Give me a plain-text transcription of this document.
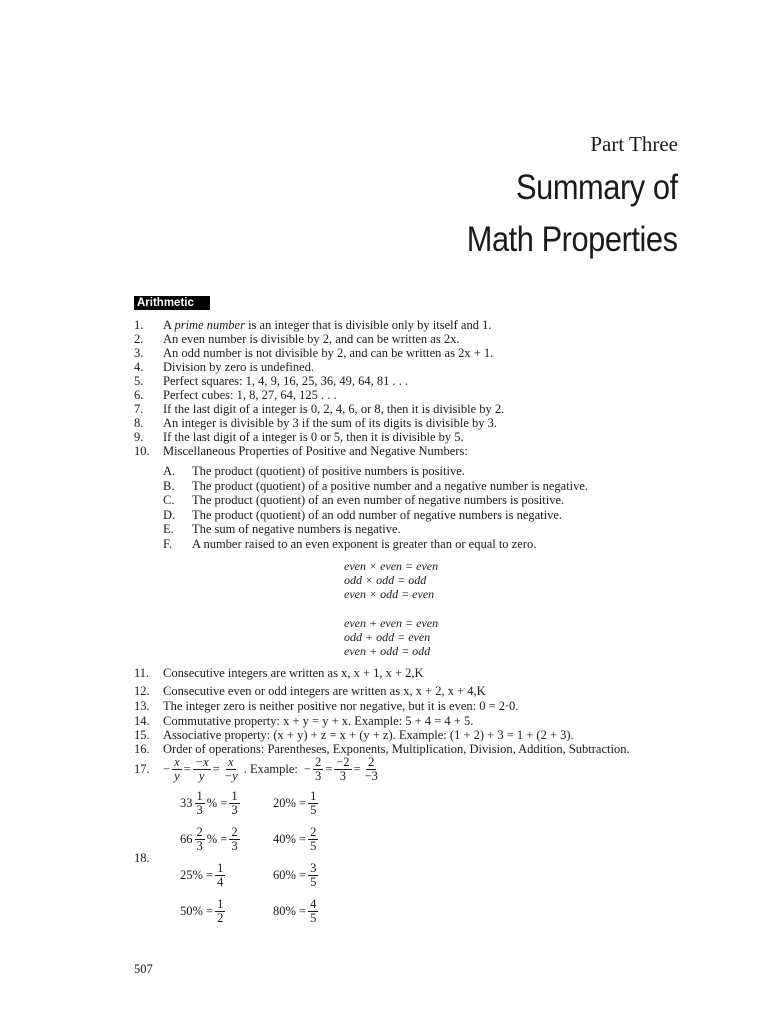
Part Three
Summary of
Math Properties
Arithmetic
1. A prime number is an integer that is divisible only by itself and 1.
2. An even number is divisible by 2, and can be written as 2x.
3. An odd number is not divisible by 2, and can be written as 2x + 1.
4. Division by zero is undefined.
5. Perfect squares: 1, 4, 9, 16, 25, 36, 49, 64, 81 . . .
6. Perfect cubes: 1, 8, 27, 64, 125 . . .
7. If the last digit of a integer is 0, 2, 4, 6, or 8, then it is divisible by 2.
8. An integer is divisible by 3 if the sum of its digits is divisible by 3.
9. If the last digit of a integer is 0 or 5, then it is divisible by 5.
10. Miscellaneous Properties of Positive and Negative Numbers:
A. The product (quotient) of positive numbers is positive.
B. The product (quotient) of a positive number and a negative number is negative.
C. The product (quotient) of an even number of negative numbers is positive.
D. The product (quotient) of an odd number of negative numbers is negative.
E. The sum of negative numbers is negative.
F. A number raised to an even exponent is greater than or equal to zero.
even × even = even
odd × odd = odd
even × odd = even
even + even = even
odd + odd = even
even + odd = odd
11. Consecutive integers are written as x, x + 1, x + 2,K
12. Consecutive even or odd integers are written as x, x + 2, x + 4,K
13. The integer zero is neither positive nor negative, but it is even: 0 = 2⋅0.
14. Commutative property: x + y = y + x. Example: 5 + 4 = 4 + 5.
15. Associative property: (x + y) + z = x + (y + z). Example: (1 + 2) + 3 = 1 + (2 + 3).
16. Order of operations: Parentheses, Exponents, Multiplication, Division, Addition, Subtraction.
17.	− $\frac{x}{y} = \frac{-x}{y} = \frac{x}{-y}$ . Example: − $\frac{2}{3} = \frac{-2}{3} = \frac{2}{-3}$
18.
$33 \frac{1}{3}$ % = $\frac{1}{3}$
$66 \frac{2}{3}$ % = $\frac{2}{3}$
$25\% = \frac{1}{4}$
$50\% = \frac{1}{2}$
$20\% = \frac{1}{5}$
$40\% = \frac{2}{5}$
$60\% = \frac{3}{5}$
$80\% = \frac{4}{5}$
507
